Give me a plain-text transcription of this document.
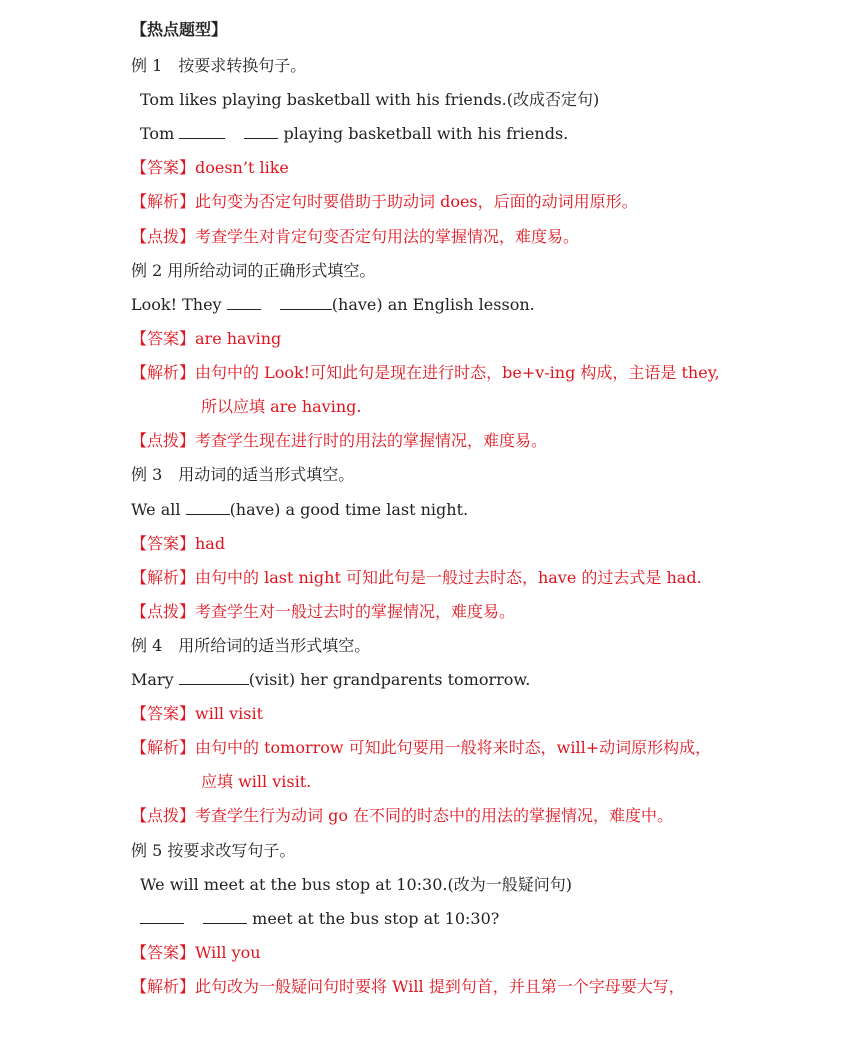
【热点题型】
例 1　按要求转换句子。
Tom likes playing basketball with his friends.(改成否定句)
Tom	playing basketball with his friends.
【答案】doesn’t like
【解析】此句变为否定句时要借助于助动词 does，后面的动词用原形。
【点拨】考查学生对肯定句变否定句用法的掌握情况，难度易。
例 2 用所给动词的正确形式填空。
Look! They	(have) an English lesson.
【答案】are having
【解析】由句中的 Look!可知此句是现在进行时态，be+v-ing 构成，主语是 they,
所以应填 are having.
【点拨】考查学生现在进行时的用法的掌握情况，难度易。
例 3　用动词的适当形式填空。
We all	(have) a good time last night.
【答案】had
【解析】由句中的 last night 可知此句是一般过去时态，have 的过去式是 had.
【点拨】考查学生对一般过去时的掌握情况，难度易。
例 4　用所给词的适当形式填空。
Mary	(visit) her grandparents tomorrow.
【答案】will visit
【解析】由句中的 tomorrow 可知此句要用一般将来时态，will+动词原形构成，
应填 will visit.
【点拨】考查学生行为动词 go 在不同的时态中的用法的掌握情况，难度中。
例 5 按要求改写句子。
We will meet at the bus stop at 10:30.(改为一般疑问句)
meet at the bus stop at 10:30?
【答案】Will you
【解析】此句改为一般疑问句时要将 Will 提到句首，并且第一个字母要大写，
